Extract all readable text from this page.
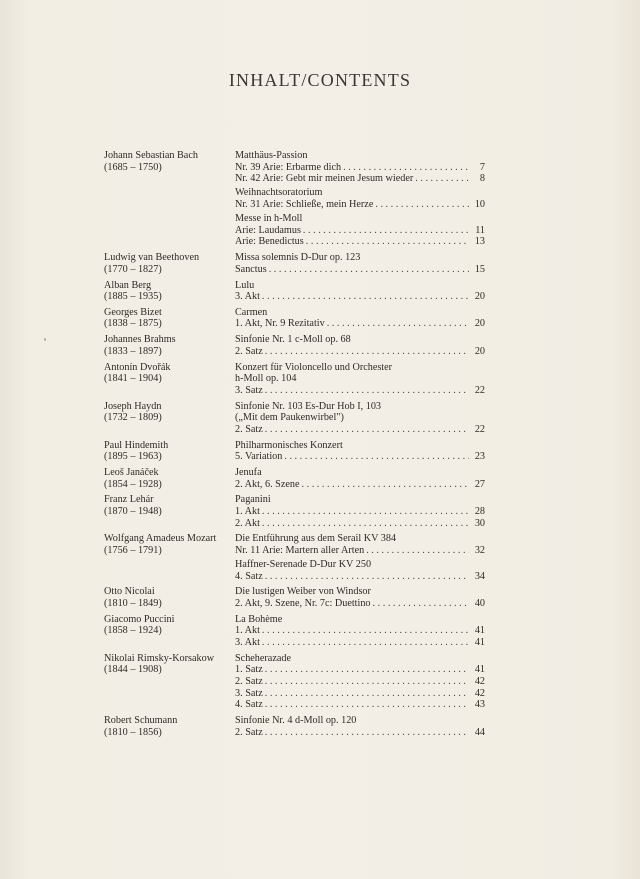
INHALT/CONTENTS
Johann Sebastian Bach
(1685 – 1750)
Matthäus-Passion
Nr. 39 Arie: Erbarme dich . . .	7
Nr. 42 Arie: Gebt mir meinen Jesum wieder . . .	8
Weihnachtsoratorium
Nr. 31 Arie: Schließe, mein Herze . . .	10
Messe in h-Moll
Arie: Laudamus . . .	11
Arie: Benedictus . . .	13
Ludwig van Beethoven
(1770 – 1827)
Missa solemnis D-Dur op. 123
Sanctus . . .	15
Alban Berg
(1885 – 1935)
Lulu
3. Akt . . .	20
Georges Bizet
(1838 – 1875)
Carmen
1. Akt, Nr. 9 Rezitativ . . .	20
Johannes Brahms
(1833 – 1897)
Sinfonie Nr. 1 c-Moll op. 68
2. Satz . . .	20
Antonín Dvořák
(1841 – 1904)
Konzert für Violoncello und Orchester
h-Moll op. 104
3. Satz . . .	22
Joseph Haydn
(1732 – 1809)
Sinfonie Nr. 103 Es-Dur Hob I, 103
(„Mit dem Paukenwirbel")
2. Satz . . .	22
Paul Hindemith
(1895 – 1963)
Philharmonisches Konzert
5. Variation . . .	23
Leoš Janáček
(1854 – 1928)
Jenufa
2. Akt, 6. Szene . . .	27
Franz Lehár
(1870 – 1948)
Paganini
1. Akt . . .	28
2. Akt . . .	30
Wolfgang Amadeus Mozart
(1756 – 1791)
Die Entführung aus dem Serail KV 384
Nr. 11 Arie: Martern aller Arten . . .	32
Haffner-Serenade D-Dur KV 250
4. Satz . . .	34
Otto Nicolai
(1810 – 1849)
Die lustigen Weiber von Windsor
2. Akt, 9. Szene, Nr. 7c: Duettino . . .	40
Giacomo Puccini
(1858 – 1924)
La Bohème
1. Akt . . .	41
3. Akt . . .	41
Nikolai Rimsky-Korsakow
(1844 – 1908)
Scheherazade
1. Satz . . .	41
2. Satz . . .	42
3. Satz . . .	42
4. Satz . . .	43
Robert Schumann
(1810 – 1856)
Sinfonie Nr. 4 d-Moll op. 120
2. Satz . . .	44
